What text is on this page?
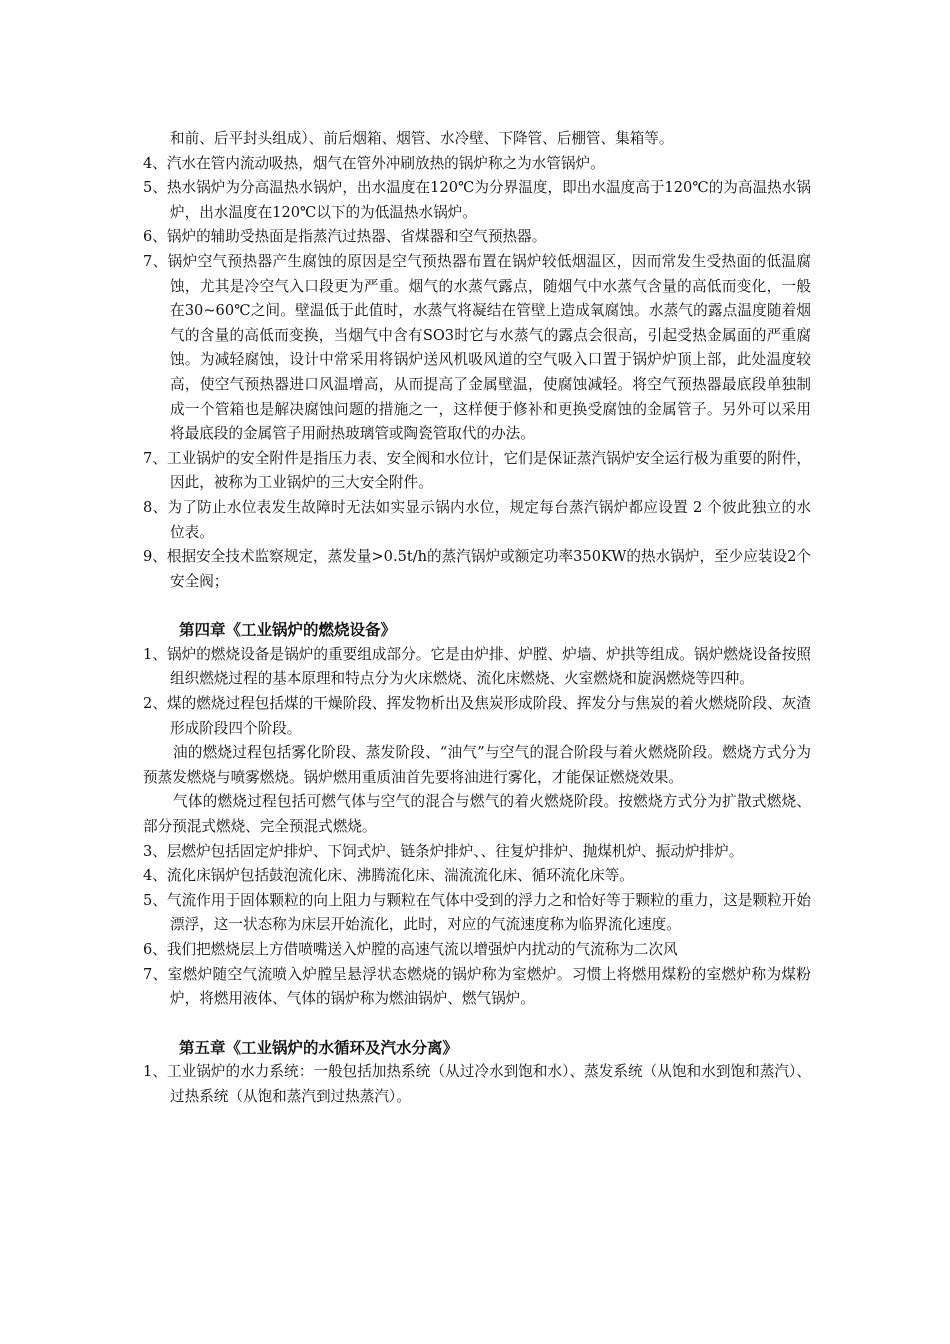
和前、后平封头组成）、前后烟箱、烟管、水冷壁、下降管、后棚管、集箱等。

4、汽水在管内流动吸热，烟气在管外冲刷放热的锅炉称之为水管锅炉。

5、热水锅炉为分高温热水锅炉，出水温度在120℃为分界温度，即出水温度高于120℃的为高温热水锅炉，出水温度在120℃以下的为低温热水锅炉。

6、锅炉的辅助受热面是指蒸汽过热器、省煤器和空气预热器。

7、锅炉空气预热器产生腐蚀的原因是空气预热器布置在锅炉较低烟温区，因而常发生受热面的低温腐蚀，尤其是冷空气入口段更为严重。烟气的水蒸气露点，随烟气中水蒸气含量的高低而变化，一般在30~60℃之间。壁温低于此值时，水蒸气将凝结在管壁上造成氧腐蚀。水蒸气的露点温度随着烟气的含量的高低而变换，当烟气中含有SO3时它与水蒸气的露点会很高，引起受热金属面的严重腐蚀。为减轻腐蚀，设计中常采用将锅炉送风机吸风道的空气吸入口置于锅炉炉顶上部，此处温度较高，使空气预热器进口风温增高，从而提高了金属壁温，使腐蚀减轻。将空气预热器最底段单独制成一个管箱也是解决腐蚀问题的措施之一，这样便于修补和更换受腐蚀的金属管子。另外可以采用将最底段的金属管子用耐热玻璃管或陶瓷管取代的办法。

7、工业锅炉的安全附件是指压力表、安全阀和水位计，它们是保证蒸汽锅炉安全运行极为重要的附件，因此，被称为工业锅炉的三大安全附件。

8、为了防止水位表发生故障时无法如实显示锅内水位，规定每台蒸汽锅炉都应设置 2 个彼此独立的水位表。

9、根据安全技术监察规定，蒸发量>0.5t/h的蒸汽锅炉或额定功率350KW的热水锅炉，至少应装设2个安全阀；

第四章《工业锅炉的燃烧设备》

1、锅炉的燃烧设备是锅炉的重要组成部分。它是由炉排、炉膛、炉墙、炉拱等组成。锅炉燃烧设备按照组织燃烧过程的基本原理和特点分为火床燃烧、流化床燃烧、火室燃烧和旋涡燃烧等四种。

2、煤的燃烧过程包括煤的干燥阶段、挥发物析出及焦炭形成阶段、挥发分与焦炭的着火燃烧阶段、灰渣形成阶段四个阶段。

油的燃烧过程包括雾化阶段、蒸发阶段、“油气”与空气的混合阶段与着火燃烧阶段。燃烧方式分为预蒸发燃烧与喷雾燃烧。锅炉燃用重质油首先要将油进行雾化，才能保证燃烧效果。

气体的燃烧过程包括可燃气体与空气的混合与燃气的着火燃烧阶段。按燃烧方式分为扩散式燃烧、部分预混式燃烧、完全预混式燃烧。

3、层燃炉包括固定炉排炉、下饲式炉、链条炉排炉、、往复炉排炉、抛煤机炉、振动炉排炉。

4、流化床锅炉包括鼓泡流化床、沸腾流化床、湍流流化床、循环流化床等。

5、气流作用于固体颗粒的向上阻力与颗粒在气体中受到的浮力之和恰好等于颗粒的重力，这是颗粒开始漂浮，这一状态称为床层开始流化，此时，对应的气流速度称为临界流化速度。

6、我们把燃烧层上方借喷嘴送入炉膛的高速气流以增强炉内扰动的气流称为二次风

7、室燃炉随空气流喷入炉膛呈悬浮状态燃烧的锅炉称为室燃炉。习惯上将燃用煤粉的室燃炉称为煤粉炉，将燃用液体、气体的锅炉称为燃油锅炉、燃气锅炉。

第五章《工业锅炉的水循环及汽水分离》

1、工业锅炉的水力系统：一般包括加热系统（从过冷水到饱和水）、蒸发系统（从饱和水到饱和蒸汽）、过热系统（从饱和蒸汽到过热蒸汽）。
